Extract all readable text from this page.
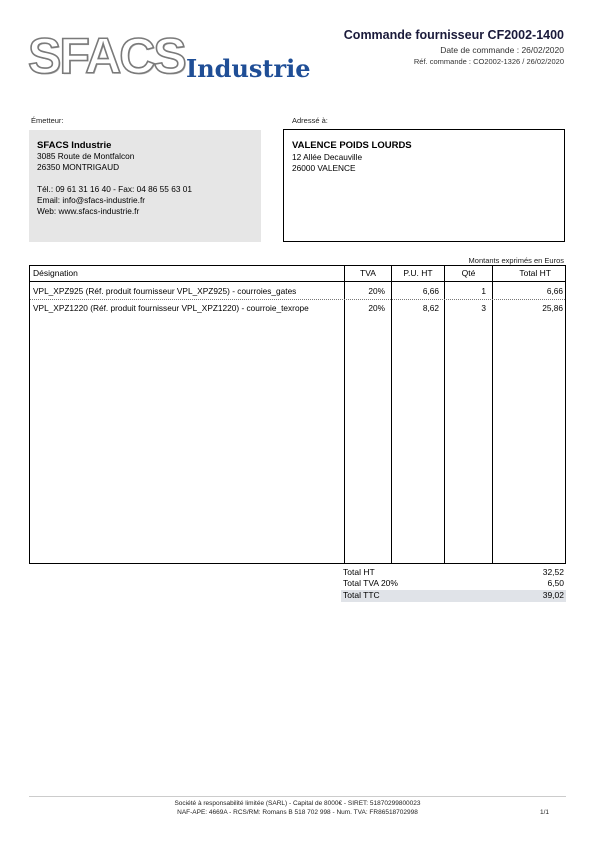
SFACS Industrie
Commande fournisseur CF2002-1400
Date de commande : 26/02/2020
Réf. commande : CO2002-1326 / 26/02/2020
Émetteur:
SFACS Industrie
3085 Route de Montfalcon
26350 MONTRIGAUD
Tél.: 09 61 31 16 40 - Fax: 04 86 55 63 01
Email: info@sfacs-industrie.fr
Web: www.sfacs-industrie.fr
Adressé à:
VALENCE POIDS LOURDS
12 Allée Decauville
26000 VALENCE
Montants exprimés en Euros
Désignation	TVA	P.U. HT	Qté	Total HT
VPL_XPZ925 (Réf. produit fournisseur VPL_XPZ925) - courroies_gates	20%	6,66	1	6,66
VPL_XPZ1220 (Réf. produit fournisseur VPL_XPZ1220) - courroie_texrope	20%	8,62	3	25,86
Total HT	32,52
Total TVA 20%	6,50
Total TTC	39,02
Société à responsabilité limitée (SARL) - Capital de 8000€ - SIRET: 51870299800023
NAF-APE: 4669A - RCS/RM: Romans B 518 702 998 - Num. TVA: FR86518702998	1/1
